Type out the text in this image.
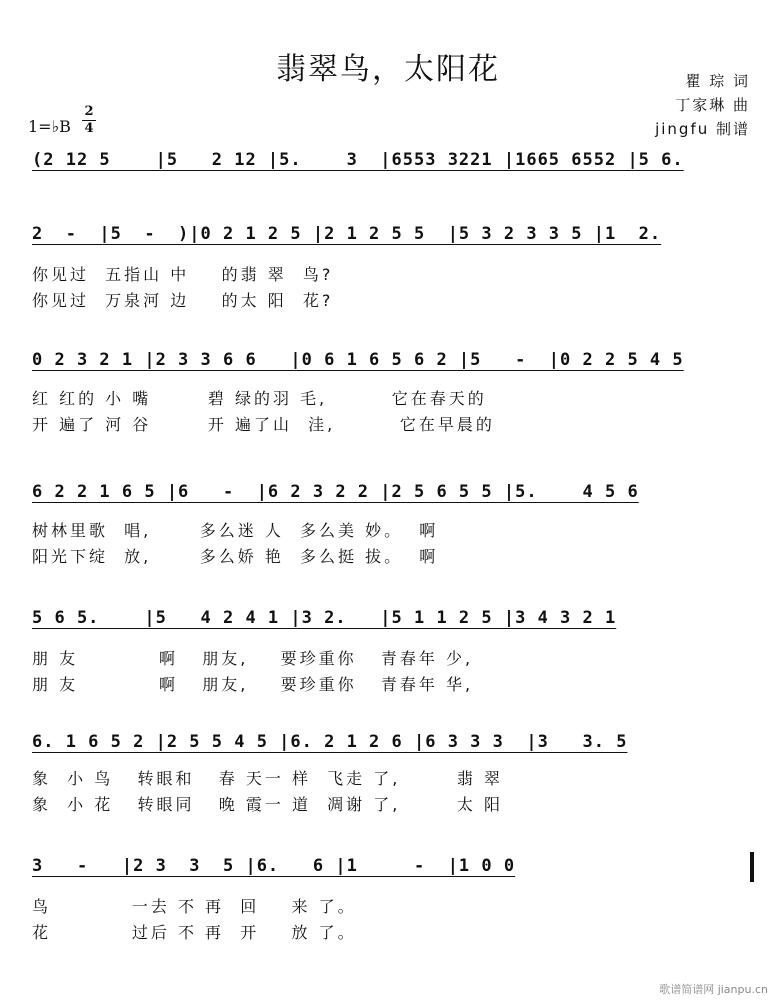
翡翠鸟，太阳花	瞿 琮 词
丁家琳 曲
jingfu 制谱
1=♭B
2
4
(2 12 5    |5   2 12 |5.    3  |6553 3221 |1665 6552 |5 6.
2  -  |5  -  )|0 2 1 2 5 |2 1 2 5 5  |5 3 2 3 3 5 |1  2.
你见过  五指山 中    的翡 翠  鸟?
你见过  万泉河 边    的太 阳  花?
0 2 3 2 1 |2 3 3 6 6   |0 6 1 6 5 6 2 |5   -  |0 2 2 5 4 5
红 红的 小 嘴       碧 绿的羽 毛,        它在春天的
开 遍了 河 谷       开 遍了山  洼,        它在早晨的
6 2 2 1 6 5 |6   -  |6 2 3 2 2 |2 5 6 5 5 |5.    4 5 6
树林里歌  唱,      多么迷 人  多么美 妙。  啊
阳光下绽  放,      多么娇 艳  多么挺 拔。  啊
5 6 5.    |5   4 2 4 1 |3 2.   |5 1 1 2 5 |3 4 3 2 1
朋 友          啊   朋友,    要珍重你   青春年 少,
朋 友          啊   朋友,    要珍重你   青春年 华,
6. 1 6 5 2 |2 5 5 4 5 |6. 2 1 2 6 |6 3 3 3  |3   3. 5
象  小 鸟   转眼和   春 天一 样  飞走 了,       翡 翠
象  小 花   转眼同   晚 霞一 道  凋谢 了,       太 阳
3   -   |2 3  3  5 |6.   6 |1     -  |1 0 0
鸟          一去 不 再  回    来 了。
花          过后 不 再  开    放 了。
歌谱简谱网 jianpu.cn
